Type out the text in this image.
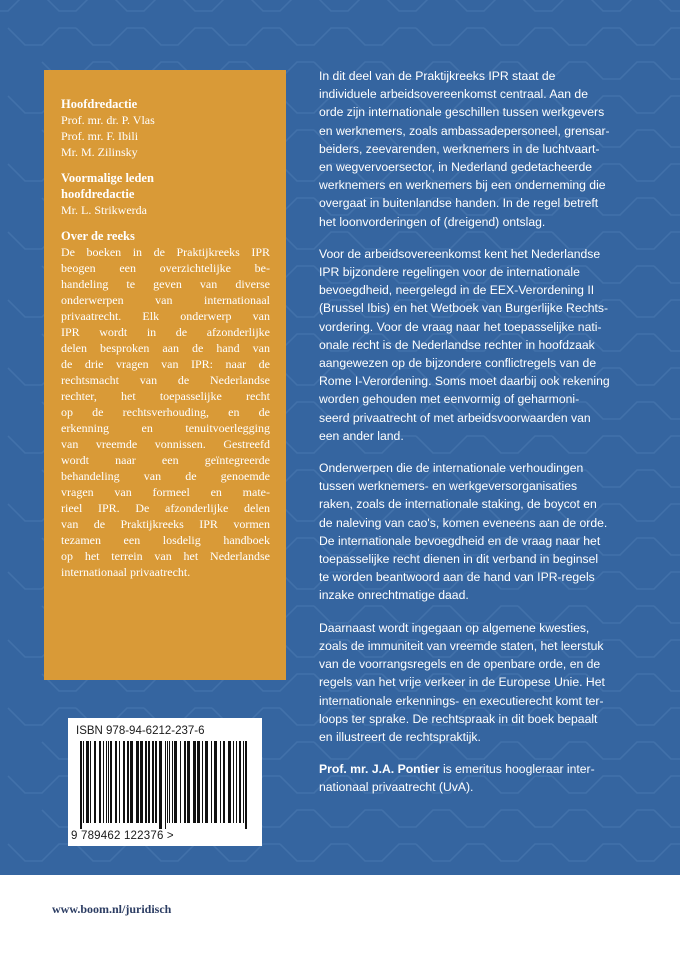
Hoofdredactie
Prof. mr. dr. P. Vlas
Prof. mr. F. Ibili
Mr. M. Zilinsky
Voormalige leden
hoofdredactie
Mr. L. Strikwerda
Over de reeks
De boeken in de Praktijkreeks IPR
beogen een overzichtelijke be-
handeling te geven van diverse
onderwerpen van internationaal
privaatrecht. Elk onderwerp van
IPR wordt in de afzonderlijke
delen besproken aan de hand van
de drie vragen van IPR: naar de
rechtsmacht van de Nederlandse
rechter, het toepasselijke recht
op de rechtsverhouding, en de
erkenning en tenuitvoerlegging
van vreemde vonnissen. Gestreefd
wordt naar een geïntegreerde
behandeling van de genoemde
vragen van formeel en mate-
rieel IPR. De afzonderlijke delen
van de Praktijkreeks IPR vormen
tezamen een losdelig handboek
op het terrein van het Nederlandse
internationaal privaatrecht.

In dit deel van de Praktijkreeks IPR staat de
individuele arbeidsovereenkomst centraal. Aan de
orde zijn internationale geschillen tussen werkgevers
en werknemers, zoals ambassadepersoneel, grensar-
beiders, zeevarenden, werknemers in de luchtvaart-
en wegvervoersector, in Nederland gedetacheerde
werknemers en werknemers bij een onderneming die
overgaat in buitenlandse handen. In de regel betreft
het loonvorderingen of (dreigend) ontslag.

Voor de arbeidsovereenkomst kent het Nederlandse
IPR bijzondere regelingen voor de internationale
bevoegdheid, neergelegd in de EEX-Verordening II
(Brussel Ibis) en het Wetboek van Burgerlijke Rechts-
vordering. Voor de vraag naar het toepasselijke nati-
onale recht is de Nederlandse rechter in hoofdzaak
aangewezen op de bijzondere conflictregels van de
Rome I-Verordening. Soms moet daarbij ook rekening
worden gehouden met eenvormig of geharmoni-
seerd privaatrecht of met arbeidsvoorwaarden van
een ander land.

Onderwerpen die de internationale verhoudingen
tussen werknemers- en werkgeversorganisaties
raken, zoals de internationale staking, de boycot en
de naleving van cao's, komen eveneens aan de orde.
De internationale bevoegdheid en de vraag naar het
toepasselijke recht dienen in dit verband in beginsel
te worden beantwoord aan de hand van IPR-regels
inzake onrechtmatige daad.

Daarnaast wordt ingegaan op algemene kwesties,
zoals de immuniteit van vreemde staten, het leerstuk
van de voorrangsregels en de openbare orde, en de
regels van het vrije verkeer in de Europese Unie. Het
internationale erkennings- en executierecht komt ter-
loops ter sprake. De rechtspraak in dit boek bepaalt
en illustreert de rechtspraktijk.

Prof. mr. J.A. Pontier is emeritus hoogleraar inter-
nationaal privaatrecht (UvA).

ISBN 978-94-6212-237-6
9 789462 122376 >
www.boom.nl/juridisch
